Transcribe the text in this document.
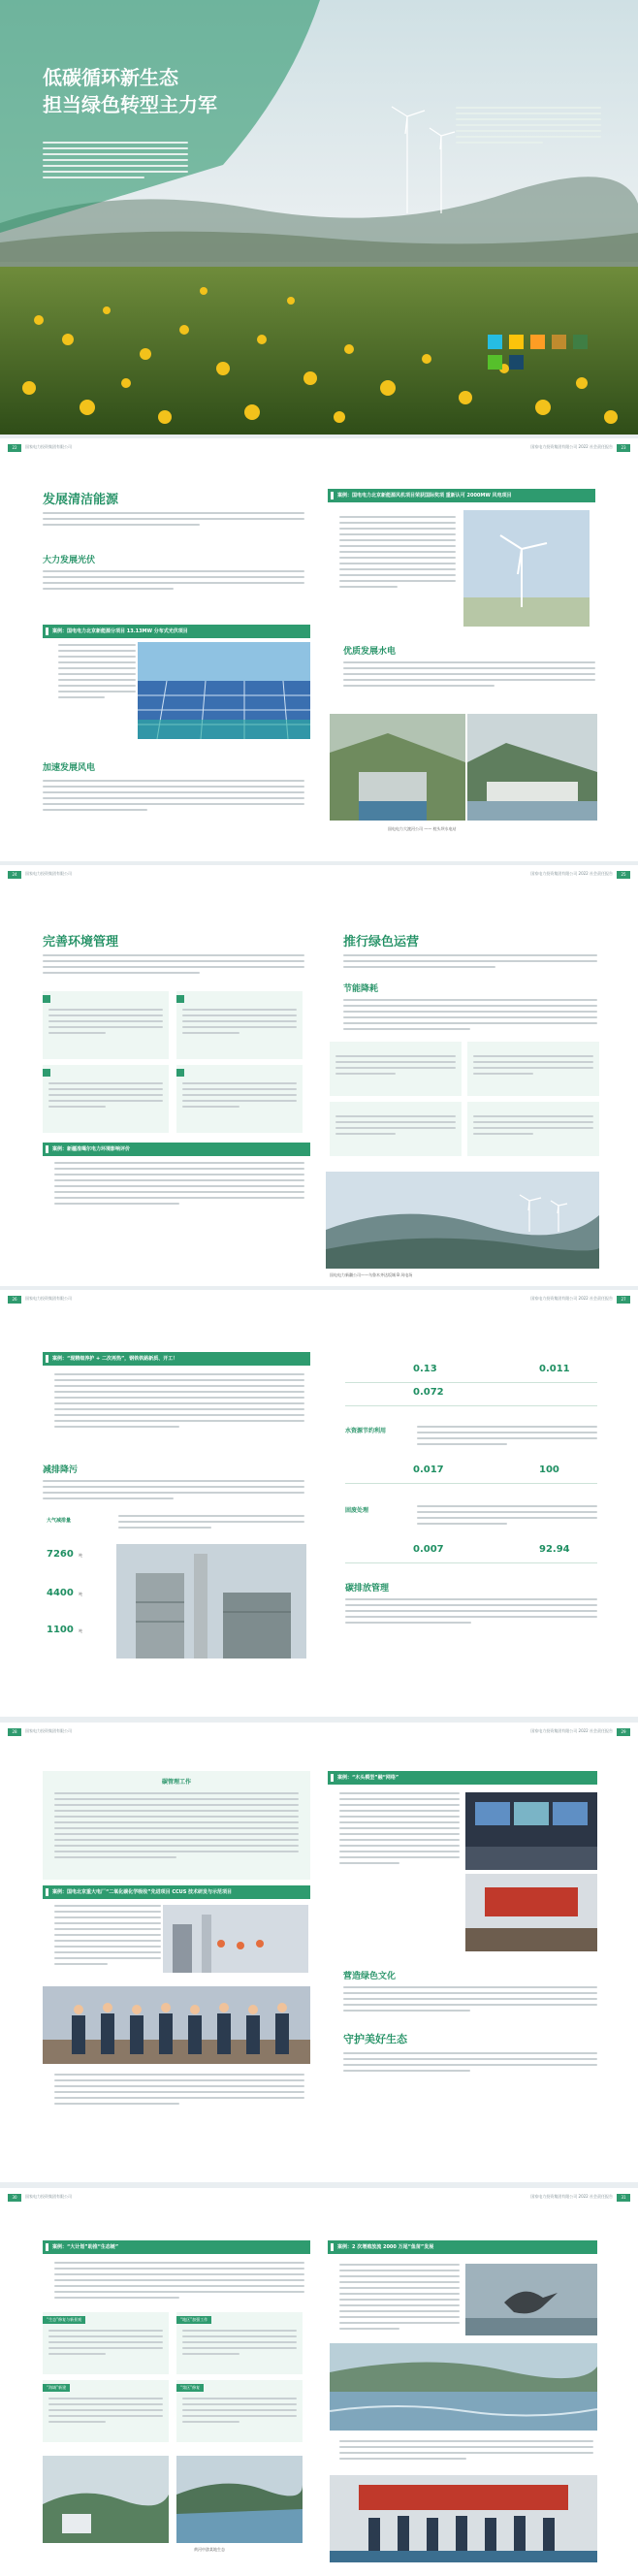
低碳循环新生态
担当绿色转型主力军

22	国家电力投资集团有限公司	国家电力投资集团有限公司 2022 社会责任报告	23
发展清洁能源
大力发展光伏
案例：国电电力北京新能源分项目 13.13MW 分布式光伏项目
加速发展风电
案例：国电电力北京新能源风机项目荣获国际奖项 重新认可 2000MW 风电项目
优质发展水电
国电电力大渡河公司 —— 枕头坝水电站
24	国家电力投资集团有限公司	国家电力投资集团有限公司 2022 社会责任报告	25
完善环境管理
案例：新疆准噶尔电力环境影响评价
推行绿色运营
节能降耗
国电电力新疆公司——乌鲁木齐达坂城 B 风电场
26	国家电力投资集团有限公司	国家电力投资集团有限公司 2022 社会责任报告	27
案例：“现精细养护 + 二次再热”，钢铁铁路新质、开工！
减排降污
大气减排量
7260 吨
4400 吨
1100 吨
0.13	0.011
0.072
水资源节约利用
0.017	100
固废处理
0.007	92.94
碳排放管理
28	国家电力投资集团有限公司	国家电力投资集团有限公司 2022 社会责任报告	29
碳管理工作
案例：国电北京重大电厂“二氧化碳化学吸收”先进项目 CCUS 技术研发与示范项目
案例：“木头模型”融“网络”
营造绿色文化
守护美好生态
30	国家电力投资集团有限公司	国家电力投资集团有限公司 2022 社会责任报告	31
案例：“大计划”助推“生态链”
“生态”修复与新景观	“地区”加强工作
“海域”新建	“第区”修复
黄河中游某地生态
案例：2 次增殖放流 2000 万尾“鱼苗”发展
